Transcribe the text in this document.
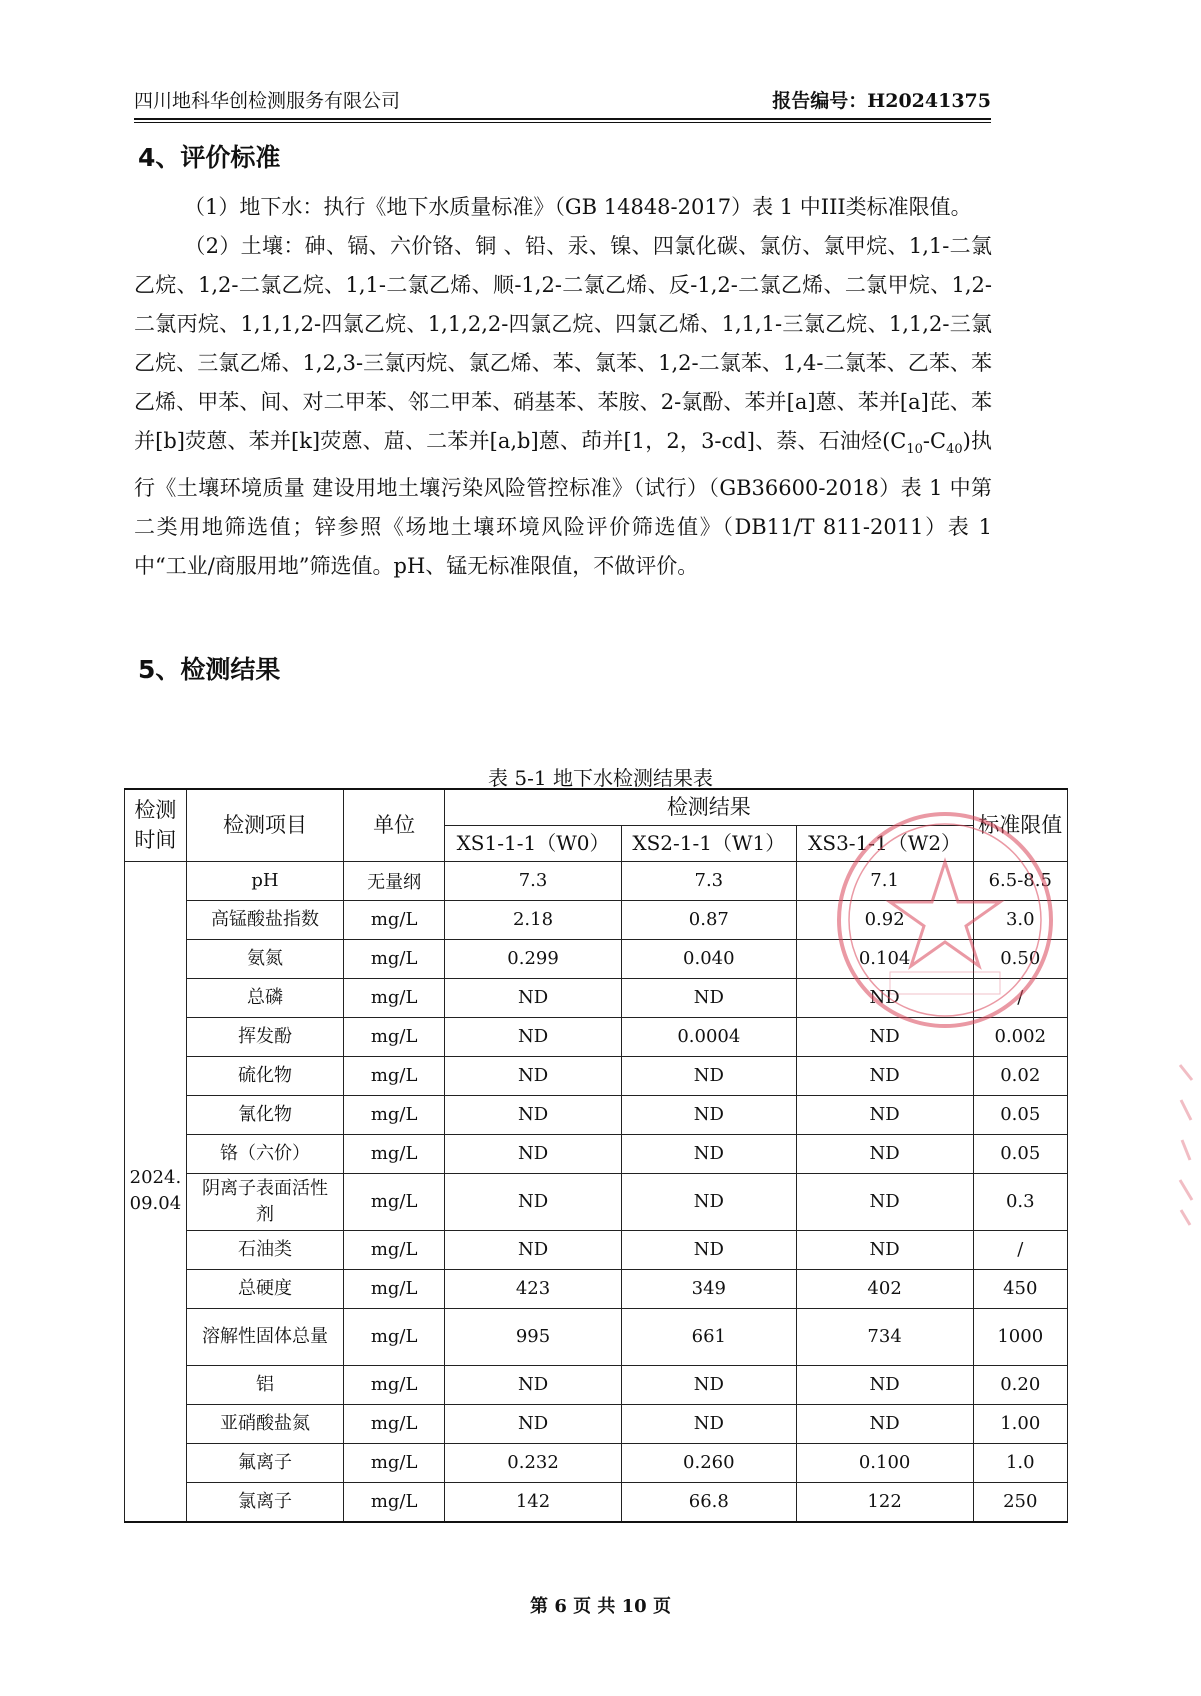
四川地科华创检测服务有限公司	报告编号：H20241375
4、评价标准
（1）地下水：执行《地下水质量标准》（GB 14848-2017）表 1 中III类标准限值。
（2）土壤：砷、镉、六价铬、铜 、铅、汞、镍、四氯化碳、氯仿、氯甲烷、1,1-二氯乙烷、1,2-二氯乙烷、1,1-二氯乙烯、顺-1,2-二氯乙烯、反-1,2-二氯乙烯、二氯甲烷、1,2-二氯丙烷、1,1,1,2-四氯乙烷、1,1,2,2-四氯乙烷、四氯乙烯、1,1,1-三氯乙烷、1,1,2-三氯乙烷、三氯乙烯、1,2,3-三氯丙烷、氯乙烯、苯、氯苯、1,2-二氯苯、1,4-二氯苯、乙苯、苯乙烯、甲苯、间、对二甲苯、邻二甲苯、硝基苯、苯胺、2-氯酚、苯并[a]蒽、苯并[a]芘、苯并[b]荧蒽、苯并[k]荧蒽、䓛、二苯并[a,b]蒽、茚并[1，2，3-cd]、萘、石油烃$(C_{10}-C_{40})$执行《土壤环境质量 建设用地土壤污染风险管控标准》（试行）（GB36600-2018）表 1 中第二类用地筛选值；锌参照《场地土壤环境风险评价筛选值》（DB11/T 811-2011）表 1 中“工业/商服用地”筛选值。pH、锰无标准限值，不做评价。
5、检测结果
表 5-1 地下水检测结果表
检测时间	检测项目	单位	检测结果			标准限值
			XS1-1-1（W0）	XS2-1-1（W1）	XS3-1-1（W2）	
2024.09.04	pH	无量纲	7.3	7.3	7.1	6.5-8.5
	高锰酸盐指数	mg/L	2.18	0.87	0.92	3.0
	氨氮	mg/L	0.299	0.040	0.104	0.50
	总磷	mg/L	ND	ND	ND	/
	挥发酚	mg/L	ND	0.0004	ND	0.002
	硫化物	mg/L	ND	ND	ND	0.02
	氰化物	mg/L	ND	ND	ND	0.05
	铬（六价）	mg/L	ND	ND	ND	0.05
	阴离子表面活性剂	mg/L	ND	ND	ND	0.3
	石油类	mg/L	ND	ND	ND	/
	总硬度	mg/L	423	349	402	450
	溶解性固体总量	mg/L	995	661	734	1000
	铝	mg/L	ND	ND	ND	0.20
	亚硝酸盐氮	mg/L	ND	ND	ND	1.00
	氟离子	mg/L	0.232	0.260	0.100	1.0
	氯离子	mg/L	142	66.8	122	250
第 6 页 共 10 页
